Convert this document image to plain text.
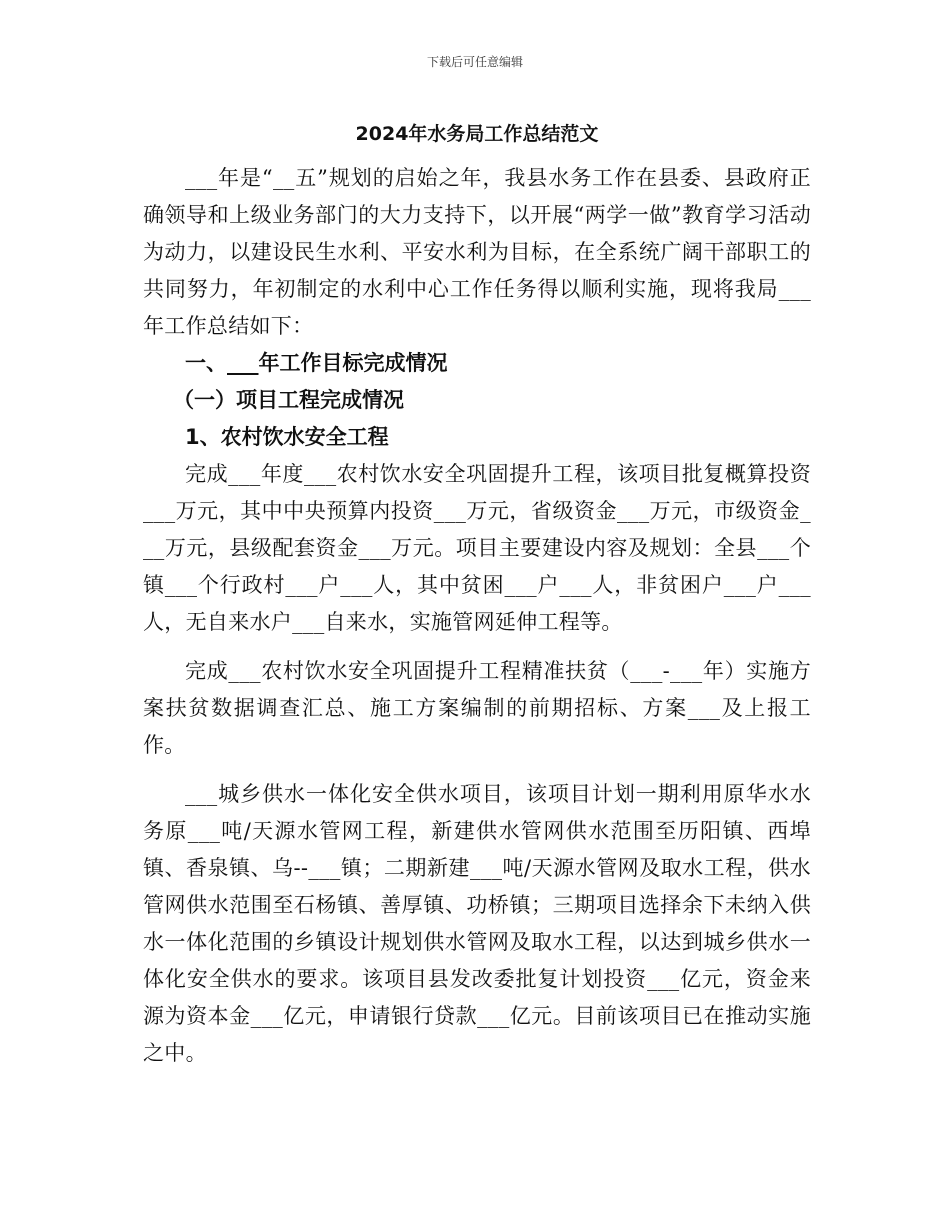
下载后可任意编辑
2024年水务局工作总结范文

___年是“__五”规划的启始之年，我县水务工作在县委、县政府正确领导和上级业务部门的大力支持下，以开展“两学一做”教育学习活动为动力，以建设民生水利、平安水利为目标，在全系统广阔干部职工的共同努力，年初制定的水利中心工作任务得以顺利实施，现将我局___年工作总结如下：

一、___年工作目标完成情况

（一）项目工程完成情况

1、农村饮水安全工程

完成___年度___农村饮水安全巩固提升工程，该项目批复概算投资___万元，其中中央预算内投资___万元，省级资金___万元，市级资金___万元，县级配套资金___万元。项目主要建设内容及规划：全县___个镇___个行政村___户___人，其中贫困___户___人，非贫困户___户___人，无自来水户___自来水，实施管网延伸工程等。

完成___农村饮水安全巩固提升工程精准扶贫（___-___年）实施方案扶贫数据调查汇总、施工方案编制的前期招标、方案___及上报工作。

___城乡供水一体化安全供水项目，该项目计划一期利用原华水水务原___吨/天源水管网工程，新建供水管网供水范围至历阳镇、西埠镇、香泉镇、乌--___镇；二期新建___吨/天源水管网及取水工程，供水管网供水范围至石杨镇、善厚镇、功桥镇；三期项目选择余下未纳入供水一体化范围的乡镇设计规划供水管网及取水工程，以达到城乡供水一体化安全供水的要求。该项目县发改委批复计划投资___亿元，资金来源为资本金___亿元，申请银行贷款___亿元。目前该项目已在推动实施之中。
